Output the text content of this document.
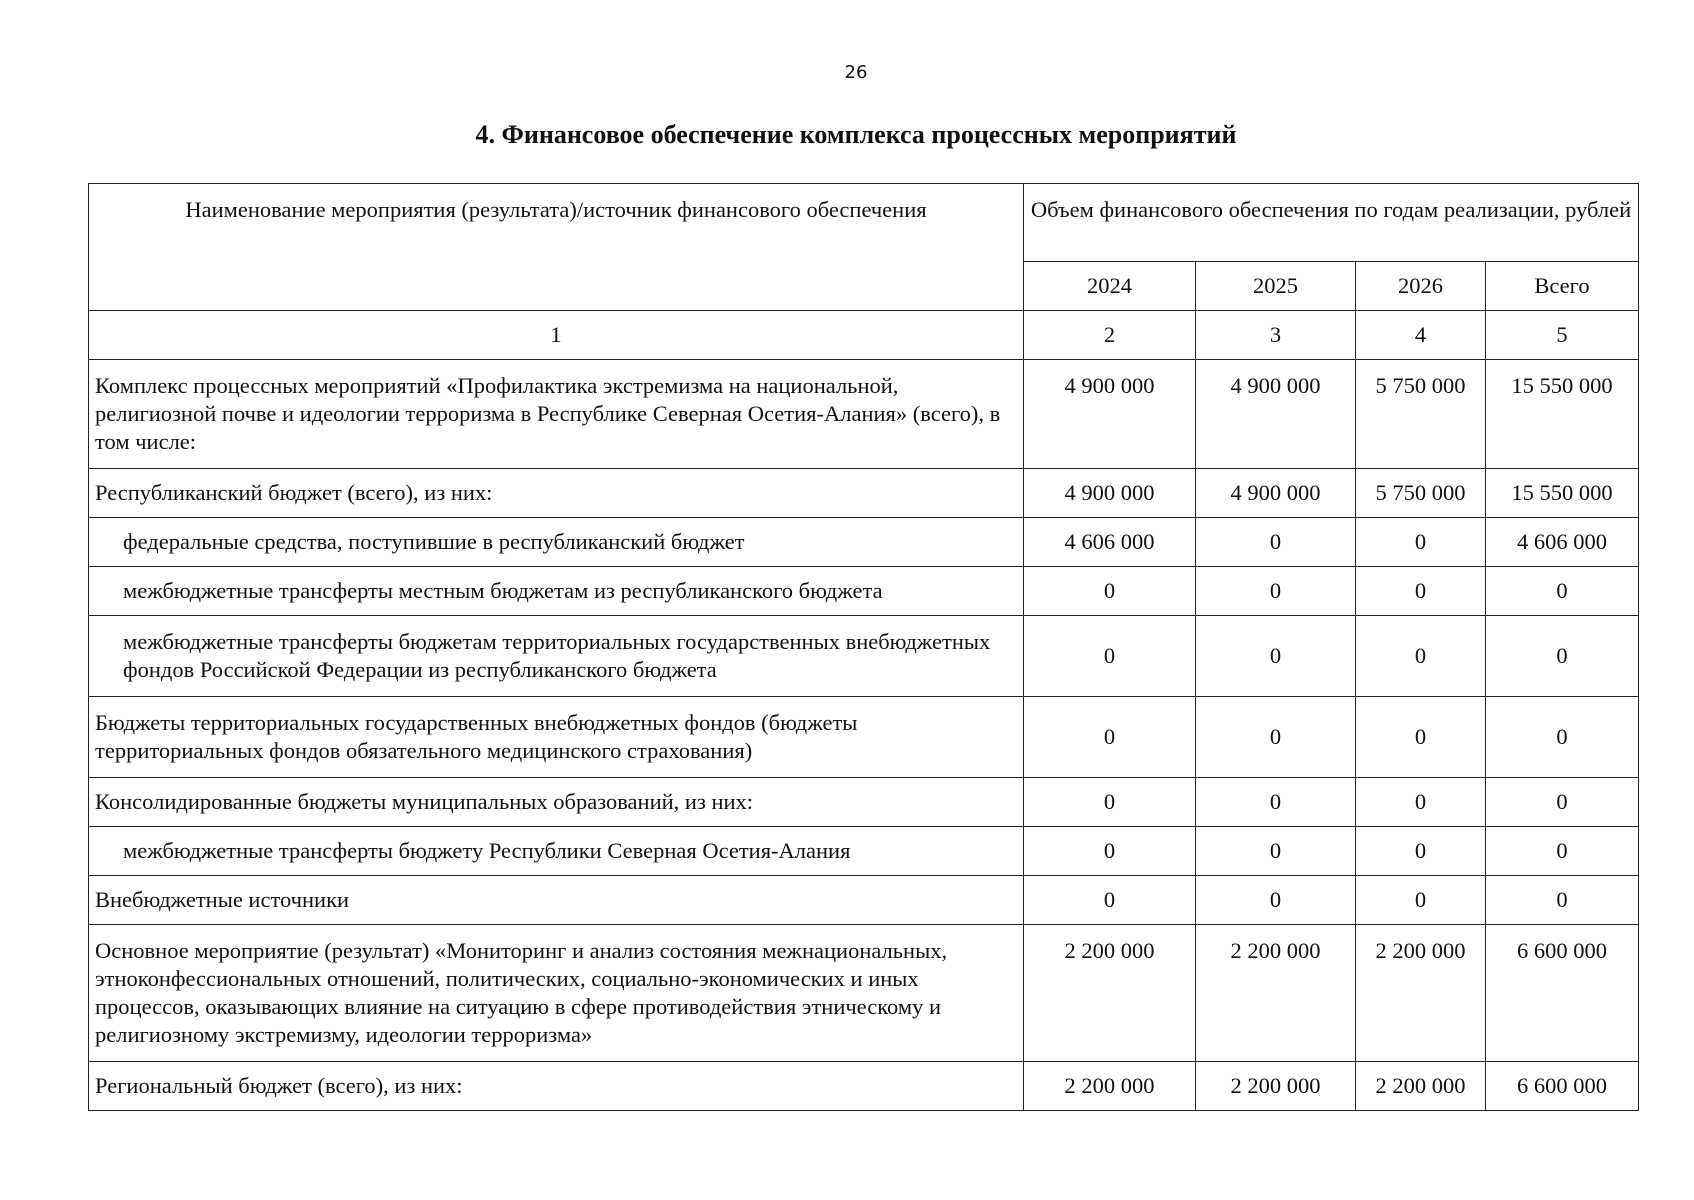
26
4. Финансовое обеспечение комплекса процессных мероприятий
Наименование мероприятия (результата)/источник финансового обеспечения	Объем финансового обеспечения по годам реализации, рублей			
	2024	2025	2026	Всего
1	2	3	4	5
Комплекс процессных мероприятий «Профилактика экстремизма на национальной, религиозной почве и идеологии терроризма в Республике Северная Осетия-Алания» (всего), в том числе:	4 900 000	4 900 000	5 750 000	15 550 000
Республиканский бюджет (всего), из них:	4 900 000	4 900 000	5 750 000	15 550 000
федеральные средства, поступившие в республиканский бюджет	4 606 000	0	0	4 606 000
межбюджетные трансферты местным бюджетам из республиканского бюджета	0	0	0	0
межбюджетные трансферты бюджетам территориальных государственных внебюджетных фондов Российской Федерации из республиканского бюджета	0	0	0	0
Бюджеты территориальных государственных внебюджетных фондов (бюджеты территориальных фондов обязательного медицинского страхования)	0	0	0	0
Консолидированные бюджеты муниципальных образований, из них:	0	0	0	0
межбюджетные трансферты бюджету Республики Северная Осетия-Алания	0	0	0	0
Внебюджетные источники	0	0	0	0
Основное мероприятие (результат) «Мониторинг и анализ состояния межнациональных, этноконфессиональных отношений, политических, социально-экономических и иных процессов, оказывающих влияние на ситуацию в сфере противодействия этническому и религиозному экстремизму, идеологии терроризма»	2 200 000	2 200 000	2 200 000	6 600 000
Региональный бюджет (всего), из них:	2 200 000	2 200 000	2 200 000	6 600 000
